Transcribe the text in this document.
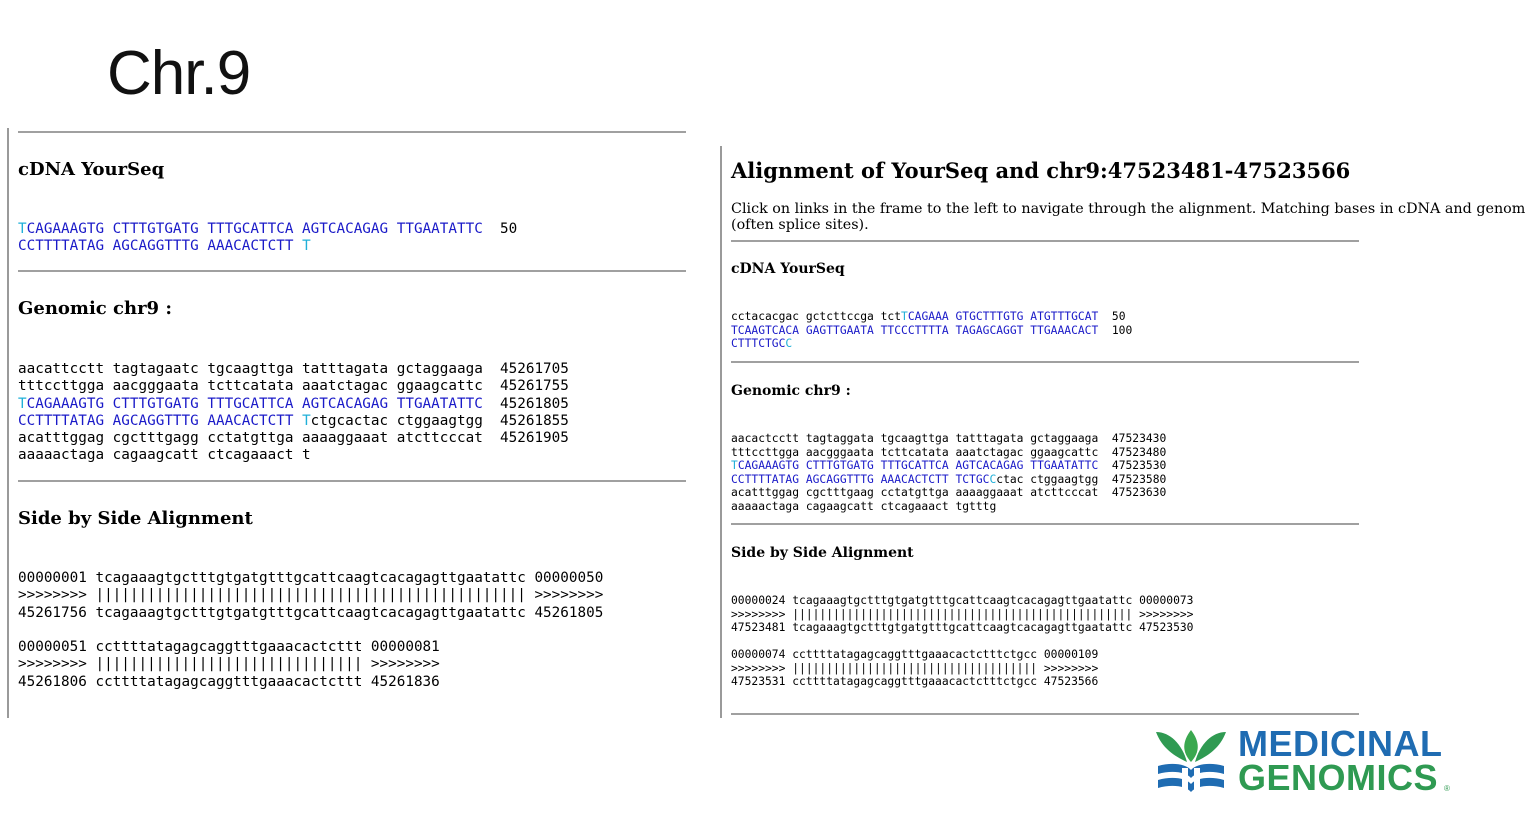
Chr.9
cDNA YourSeq
TCAGAAAGTG CTTTGTGATG TTTGCATTCA AGTCACAGAG TTGAATATTC  50
CCTTTTATAG AGCAGGTTTG AAACACTCTT T
Genomic chr9 :
aacattcctt tagtagaatc tgcaagttga tatttagata gctaggaaga  45261705
tttccttgga aacgggaata tcttcatata aaatctagac ggaagcattc  45261755
TCAGAAAGTG CTTTGTGATG TTTGCATTCA AGTCACAGAG TTGAATATTC  45261805
CCTTTTATAG AGCAGGTTTG AAACACTCTT Tctgcactac ctggaagtgg  45261855
acatttggag cgctttgagg cctatgttga aaaaggaaat atcttcccat  45261905
aaaaactaga cagaagcatt ctcagaaact t
Side by Side Alignment
00000001 tcagaaagtgctttgtgatgtttgcattcaagtcacagagttgaatattc 00000050
>>>>>>>> |||||||||||||||||||||||||||||||||||||||||||||||||| >>>>>>>>
45261756 tcagaaagtgctttgtgatgtttgcattcaagtcacagagttgaatattc 45261805

00000051 ccttttatagagcaggtttgaaacactcttt 00000081
>>>>>>>> ||||||||||||||||||||||||||||||| >>>>>>>>
45261806 ccttttatagagcaggtttgaaacactcttt 45261836
Alignment of YourSeq and chr9:47523481-47523566

Click on links in the frame to the left to navigate through the alignment. Matching bases in cDNA and genom

(often splice sites).

cDNA YourSeq
cctacacgac gctcttccga tctTCAGAAA GTGCTTTGTG ATGTTTGCAT  50
TCAAGTCACA GAGTTGAATA TTCCCTTTTA TAGAGCAGGT TTGAAACACT  100
CTTTCTGCC
Genomic chr9 :
aacactcctt tagtaggata tgcaagttga tatttagata gctaggaaga  47523430
tttccttgga aacgggaata tcttcatata aaatctagac ggaagcattc  47523480
TCAGAAAGTG CTTTGTGATG TTTGCATTCA AGTCACAGAG TTGAATATTC  47523530
CCTTTTATAG AGCAGGTTTG AAACACTCTT TCTGCCctac ctggaagtgg  47523580
acatttggag cgctttgaag cctatgttga aaaaggaaat atcttcccat  47523630
aaaaactaga cagaagcatt ctcagaaact tgtttg
Side by Side Alignment
00000024 tcagaaagtgctttgtgatgtttgcattcaagtcacagagttgaatattc 00000073
>>>>>>>> |||||||||||||||||||||||||||||||||||||||||||||||||| >>>>>>>>
47523481 tcagaaagtgctttgtgatgtttgcattcaagtcacagagttgaatattc 47523530

00000074 ccttttatagagcaggtttgaaacactctttctgcc 00000109
>>>>>>>> |||||||||||||||||||||||||||||||||||| >>>>>>>>
47523531 ccttttatagagcaggtttgaaacactctttctgcc 47523566
MEDICINAL
GENOMICS ®
